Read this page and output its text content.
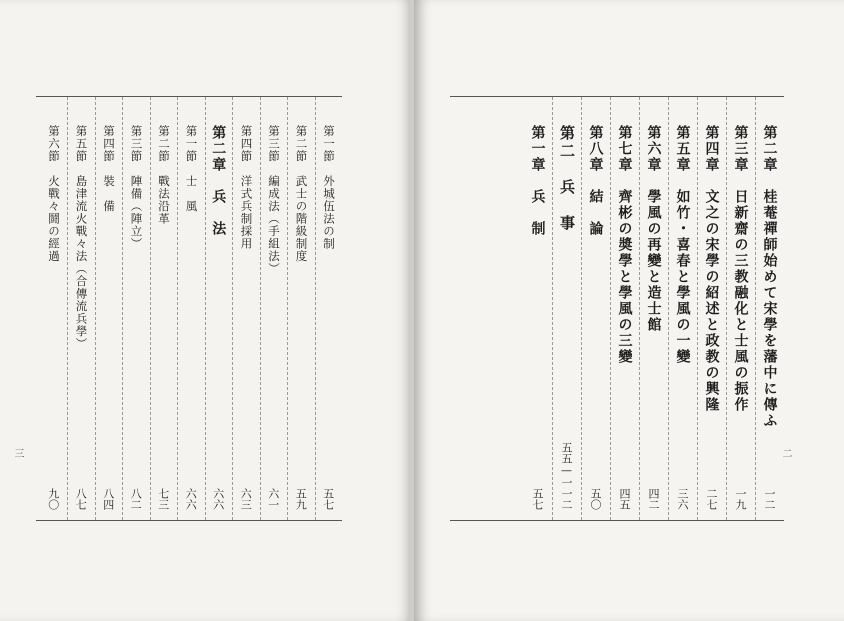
第一節　外城伍法の制
五七
第二節　武士の階級制度
五九
第三節　編成法（手組法）
六一
第四節　洋式兵制採用
六三
第二章　兵　法
六六
第一節　士　風
六六
第二節　戰法沿革
七三
第三節　陣備（陣立）
八二
第四節　裝　備
八四
第五節　島津流火戰々法（合傳流兵學）
八七
第六節　火戰々鬪の經過
九〇
三
第二章　桂菴禪師始めて宋學を藩中に傳ふ
一二
第三章　日新齋の三教融化と士風の振作
一九
第四章　文之の宋學の紹述と政教の興隆
二七
第五章　如竹・喜春と學風の一變
三六
第六章　學風の再變と造士館
四二
第七章　齊彬の奬學と學風の三變
四五
第八章　結　論
五〇
第二　兵　事
五五—一一二
第一章　兵　制
五七
二
